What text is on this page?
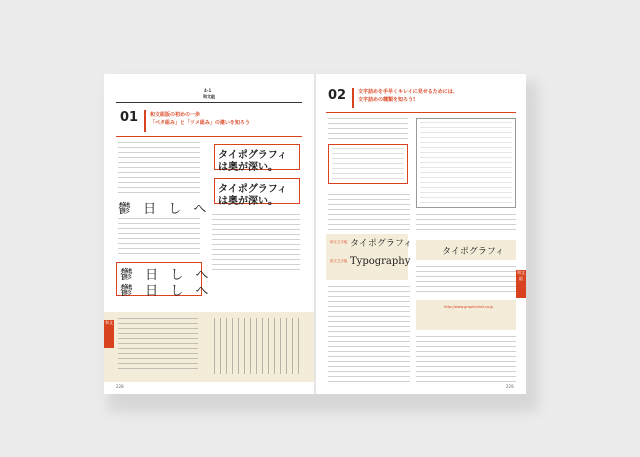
4-1
和文組
01 和文組版の初めの一歩
「ベタ組み」と「ツメ組み」の違いを知ろう
タイポグラフィ
は奥が深い。
タイポグラフィ
は奥が深い。
鬱 日 し へ
鬱 日 し へ
鬱 日 し へ
和文
228
02 文字詰めを手早くキレイに見せるためには、
文字詰めの種類を知ろう!
和文文字組 タイポグラフィ
欧文文字組 Typography
タイポグラフィ
http://www.graphicfact.co.jp
和文組
229
